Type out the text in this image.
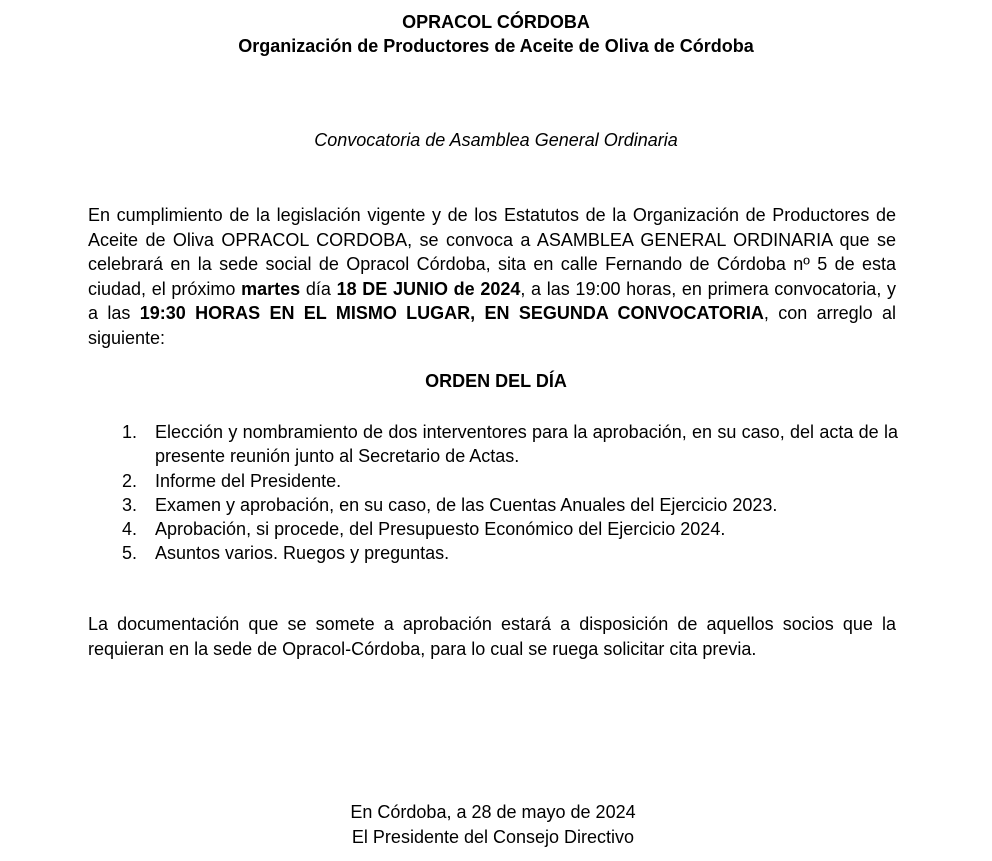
OPRACOL CÓRDOBA
Organización de Productores de Aceite de Oliva de Córdoba
Convocatoria de Asamblea General Ordinaria
En cumplimiento de la legislación vigente y de los Estatutos de la Organización de Productores de Aceite de Oliva OPRACOL CORDOBA, se convoca a ASAMBLEA GENERAL ORDINARIA que se celebrará en la sede social de Opracol Córdoba, sita en calle Fernando de Córdoba nº 5 de esta ciudad, el próximo martes día 18 DE JUNIO de 2024, a las 19:00 horas, en primera convocatoria, y a las 19:30 HORAS EN EL MISMO LUGAR, EN SEGUNDA CONVOCATORIA, con arreglo al siguiente:
ORDEN DEL DÍA
1. Elección y nombramiento de dos interventores para la aprobación, en su caso, del acta de la presente reunión junto al Secretario de Actas.
2. Informe del Presidente.
3. Examen y aprobación, en su caso, de las Cuentas Anuales del Ejercicio 2023.
4. Aprobación, si procede, del Presupuesto Económico del Ejercicio 2024.
5. Asuntos varios. Ruegos y preguntas.
La documentación que se somete a aprobación estará a disposición de aquellos socios que la requieran en la sede de Opracol-Córdoba, para lo cual se ruega solicitar cita previa.
En Córdoba, a 28 de mayo de 2024
El Presidente del Consejo Directivo
